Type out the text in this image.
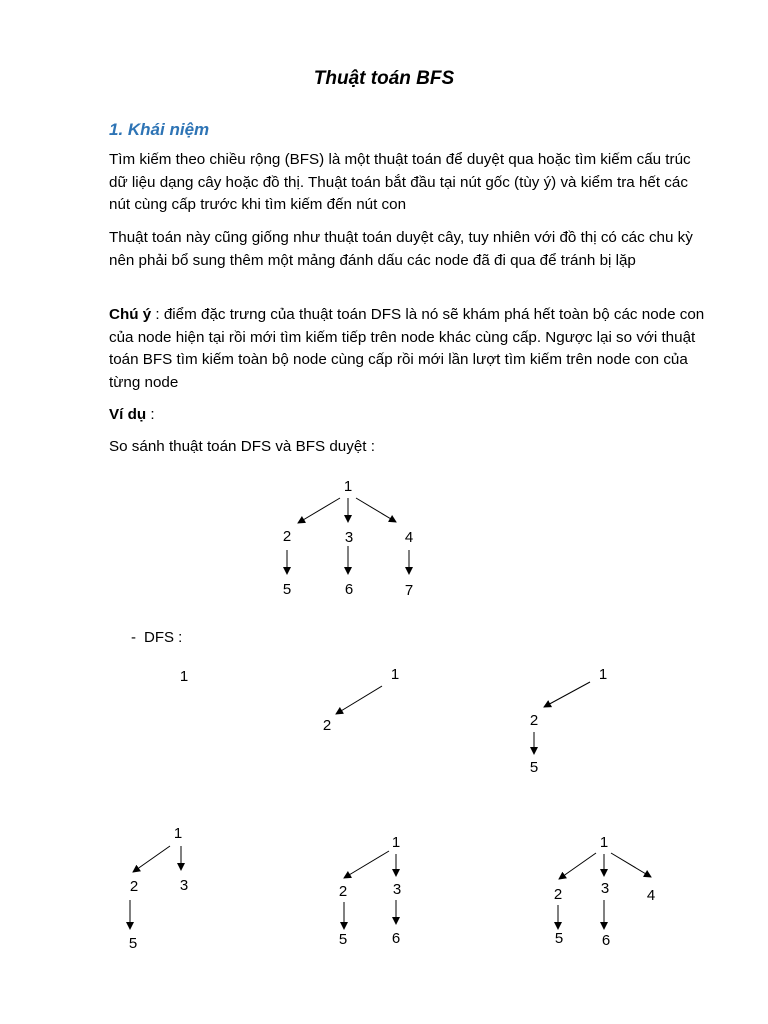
Thuật toán BFS
1. Khái niệm

Tìm kiếm theo chiều rộng (BFS) là một thuật toán để duyệt qua hoặc tìm kiếm cấu trúc dữ liệu dạng cây hoặc đồ thị. Thuật toán bắt đầu tại nút gốc (tùy ý) và kiểm tra hết các nút cùng cấp trước khi tìm kiếm đến nút con

Thuật toán này cũng giống như thuật toán duyệt cây, tuy nhiên với đồ thị có các chu kỳ nên phải bổ sung thêm một mảng đánh dấu các node đã đi qua để tránh bị lặp

Chú ý : điểm đặc trưng của thuật toán DFS là nó sẽ khám phá hết toàn bộ các node con của node hiện tại rồi mới tìm kiếm tiếp trên node khác cùng cấp. Ngược lại so với thuật toán BFS tìm kiếm toàn bộ node cùng cấp rồi mới lần lượt tìm kiếm trên node con của từng node

Ví dụ :

So sánh thuật toán DFS và BFS duyệt :

- DFS :
1
2	3	4
5	6	7
1	1
2
1
2
5
1
2	3
5
1
2	3
5	6
1
2	3	4
5	6
